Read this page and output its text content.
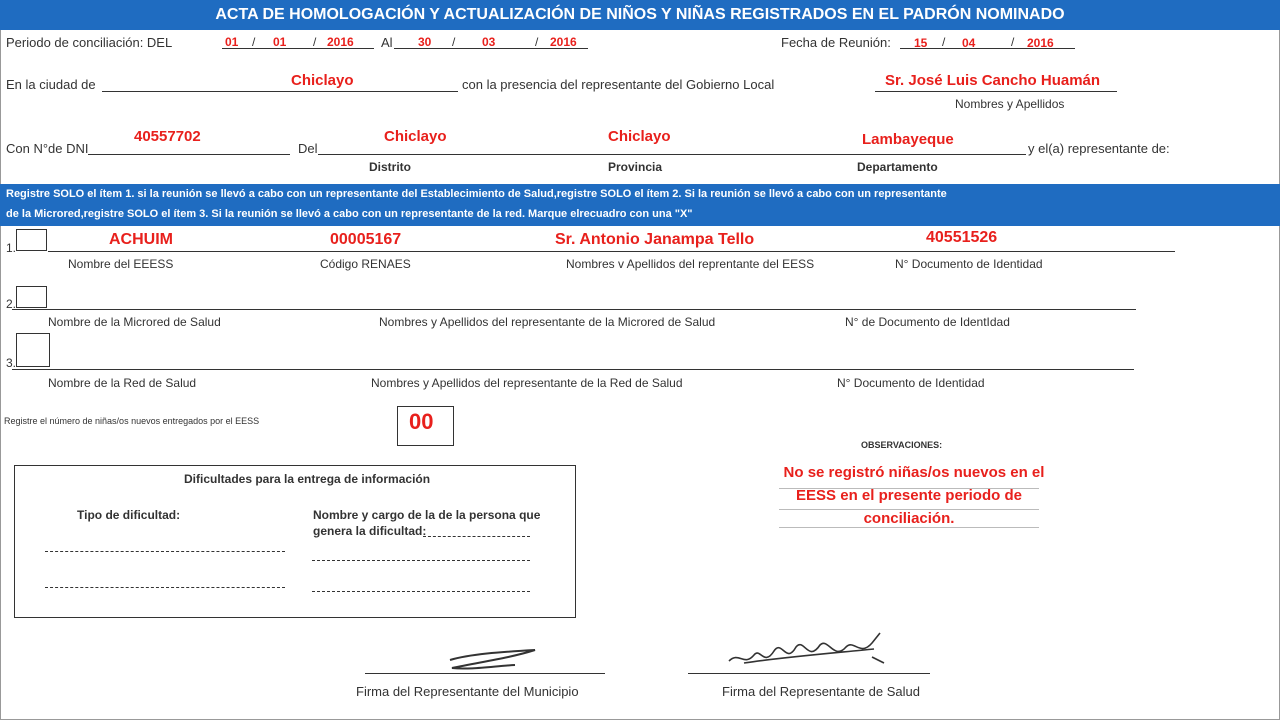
ACTA DE HOMOLOGACIÓN Y ACTUALIZACIÓN DE NIÑOS Y NIÑAS REGISTRADOS EN EL PADRÓN NOMINADO
Periodo de conciliación: DEL	01 / 01 / 2016 Al 30 / 03	/ 2016	Fecha de Reunión: 15 / 04	/ 2016
En la ciudad de	Chiclayo	con la presencia del representante del Gobierno Local	Sr. José Luis Cancho Huamán
Nombres y Apellidos
Con N°de DNI
40557702
Del
Chiclayo	Chiclayo	Lambayeque
y el(a) representante de:
Distrito	Provincia	Departamento
Registre SOLO el ítem 1. si la reunión se llevó a cabo con un representante del Establecimiento de Salud,registre SOLO el ítem 2. Si la reunión se llevó a cabo con un representante
de la Microred,registre SOLO el ítem 3. Si la reunión se llevó a cabo con un representante de la red. Marque elrecuadro con una "X"
1.	ACHUIM	00005167	Sr. Antonio Janampa Tello	40551526
Nombre del EEESS	Código RENAES	Nombres v Apellidos del reprentante del EESS	N° Documento de Identidad
2.
Nombre de la Microred de Salud	Nombres y Apellidos del representante de la Microred de Salud	N° de Documento de IdentIdad
3.
Nombre de la Red de Salud	Nombres y Apellidos del representante de la Red de Salud	N° Documento de Identidad
Registre el número de niñas/os nuevos entregados por el EESS	00
OBSERVACIONES:
No se registró niñas/os nuevos en el
EESS en el presente periodo de
conciliación.
Dificultades para la entrega de información
Tipo de dificultad:	Nombre y cargo de la de la persona que
genera la dificultad:
Firma del Representante del Municipio	Firma del Representante de Salud
